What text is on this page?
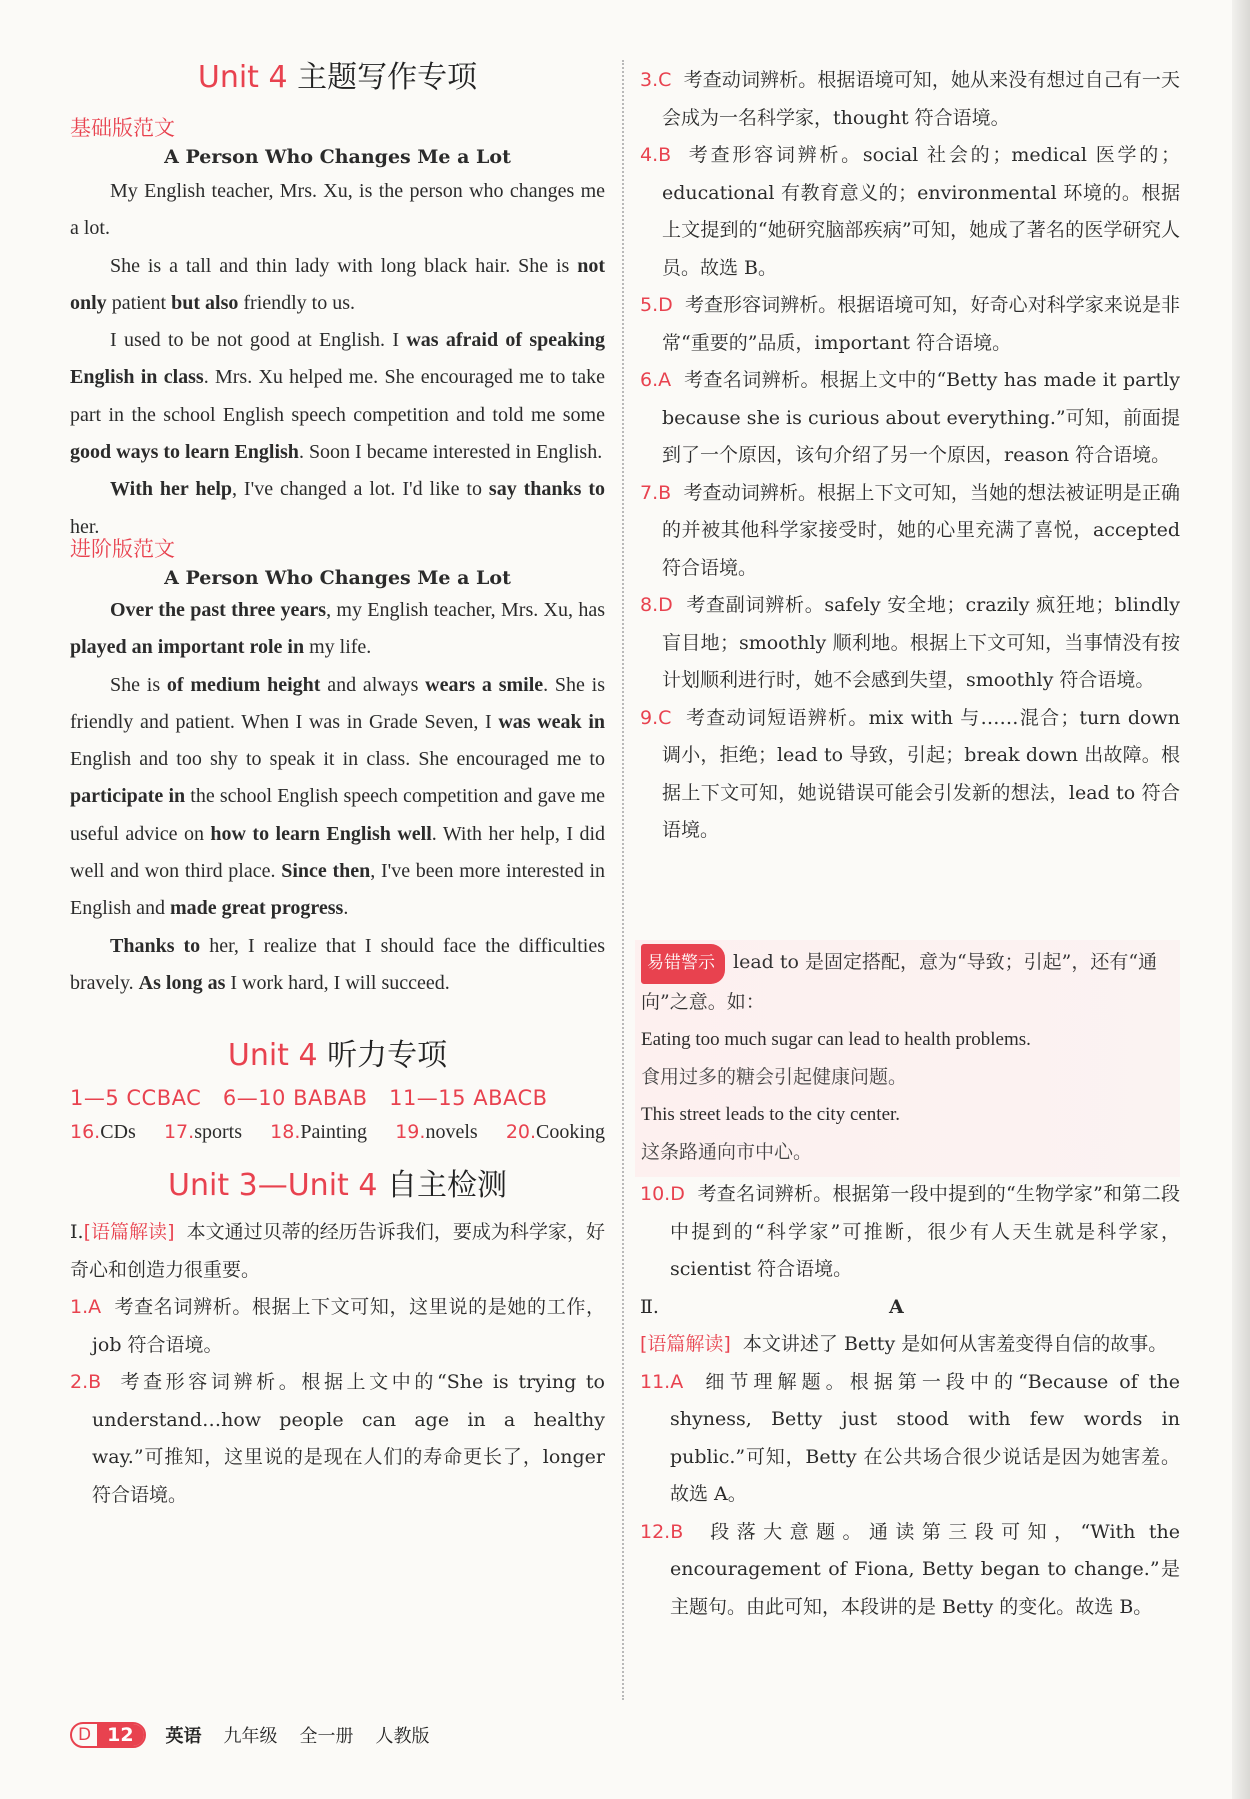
Unit 4 主题写作专项
基础版范文
A Person Who Changes Me a Lot

My English teacher, Mrs. Xu, is the person who changes me a lot.

She is a tall and thin lady with long black hair. She is not only patient but also friendly to us.

I used to be not good at English. I was afraid of speaking English in class. Mrs. Xu helped me. She encouraged me to take part in the school English speech competition and told me some good ways to learn English. Soon I became interested in English.

With her help, I've changed a lot. I'd like to say thanks to her.

进阶版范文
A Person Who Changes Me a Lot

Over the past three years, my English teacher, Mrs. Xu, has played an important role in my life.

She is of medium height and always wears a smile. She is friendly and patient. When I was in Grade Seven, I was weak in English and too shy to speak it in class. She encouraged me to participate in the school English speech competition and gave me useful advice on how to learn English well. With her help, I did well and won third place. Since then, I've been more interested in English and made great progress.

Thanks to her, I realize that I should face the difficulties bravely. As long as I work hard, I will succeed.

Unit 4 听力专项
1—5 CCBAC 6—10 BABAB 11—15 ABACB
16.CDs 17.sports 18.Painting 19.novels 20.Cooking
Unit 3—Unit 4 自主检测

Ⅰ.[语篇解读] 本文通过贝蒂的经历告诉我们，要成为科学家，好奇心和创造力很重要。

1.A 考查名词辨析。根据上下文可知，这里说的是她的工作，job 符合语境。

2.B 考查形容词辨析。根据上文中的“She is trying to understand…how people can age in a healthy way.”可推知，这里说的是现在人们的寿命更长了，longer 符合语境。

3.C 考查动词辨析。根据语境可知，她从来没有想过自己有一天会成为一名科学家，thought 符合语境。

4.B 考查形容词辨析。social 社会的；medical 医学的；educational 有教育意义的；environmental 环境的。根据上文提到的“她研究脑部疾病”可知，她成了著名的医学研究人员。故选 B。

5.D 考查形容词辨析。根据语境可知，好奇心对科学家来说是非常“重要的”品质，important 符合语境。

6.A 考查名词辨析。根据上文中的“Betty has made it partly because she is curious about everything.”可知，前面提到了一个原因，该句介绍了另一个原因，reason 符合语境。

7.B 考查动词辨析。根据上下文可知，当她的想法被证明是正确的并被其他科学家接受时，她的心里充满了喜悦，accepted 符合语境。

8.D 考查副词辨析。safely 安全地；crazily 疯狂地；blindly 盲目地；smoothly 顺利地。根据上下文可知，当事情没有按计划顺利进行时，她不会感到失望，smoothly 符合语境。

9.C 考查动词短语辨析。mix with 与……混合；turn down 调小，拒绝；lead to 导致，引起；break down 出故障。根据上下文可知，她说错误可能会引发新的想法，lead to 符合语境。

易错警示 lead to 是固定搭配，意为“导致；引起”，还有“通向”之意。如：

Eating too much sugar can lead to health problems.

食用过多的糖会引起健康问题。

This street leads to the city center.

这条路通向市中心。

10.D 考查名词辨析。根据第一段中提到的“生物学家”和第二段中提到的“科学家”可推断，很少有人天生就是科学家，scientist 符合语境。

Ⅱ.	A

[语篇解读] 本文讲述了 Betty 是如何从害羞变得自信的故事。

11.A 细节理解题。根据第一段中的“Because of the shyness, Betty just stood with few words in public.”可知，Betty 在公共场合很少说话是因为她害羞。故选 A。

12.B 段落大意题。通读第三段可知，“With the encouragement of Fiona, Betty began to change.”是主题句。由此可知，本段讲的是 Betty 的变化。故选 B。

D 12	英语 九年级 全一册 人教版
